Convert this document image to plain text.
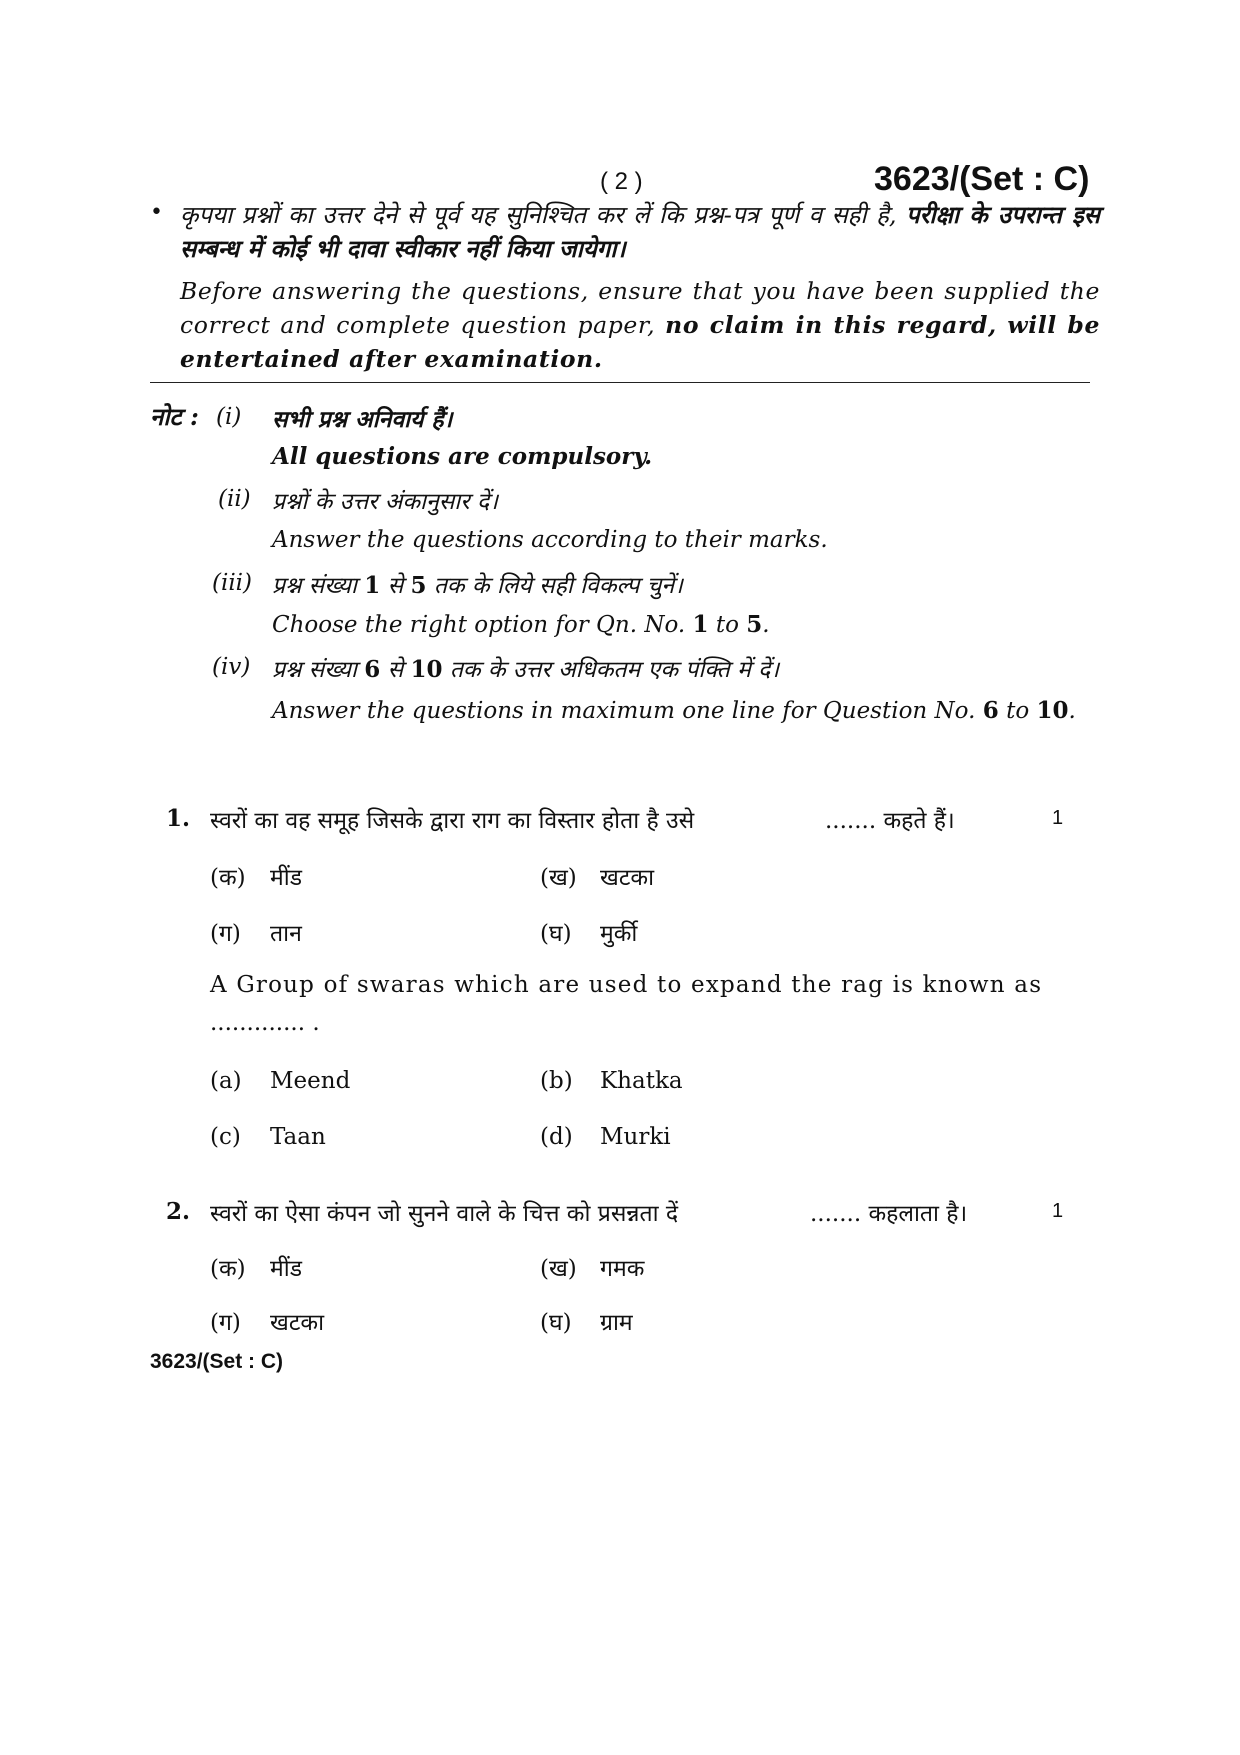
( 2 )	3623/(Set : C)
• कृपया प्रश्नों का उत्तर देने से पूर्व यह सुनिश्चित कर लें कि प्रश्न-पत्र पूर्ण व सही है, परीक्षा के उपरान्त इस सम्बन्ध में कोई भी दावा स्वीकार नहीं किया जायेगा।
Before answering the questions, ensure that you have been supplied the correct and complete question paper, no claim in this regard, will be entertained after examination.
नोट : (i) सभी प्रश्न अनिवार्य हैं।
All questions are compulsory.
(ii) प्रश्नों के उत्तर अंकानुसार दें।
Answer the questions according to their marks.
(iii) प्रश्न संख्या 1 से 5 तक के लिये सही विकल्प चुनें।
Choose the right option for Qn. No. 1 to 5.
(iv) प्रश्न संख्या 6 से 10 तक के उत्तर अधिकतम एक पंक्ति में दें।
Answer the questions in maximum one line for Question No. 6 to 10.
1. स्वरों का वह समूह जिसके द्वारा राग का विस्तार होता है उसे	....... कहते हैं।	1
(क) मींड	(ख) खटका
(ग) तान	(घ) मुर्की
A Group of swaras which are used to expand the rag is known as
............. .
(a) Meend	(b) Khatka
(c) Taan	(d) Murki
2. स्वरों का ऐसा कंपन जो सुनने वाले के चित्त को प्रसन्नता दें	....... कहलाता है।	1
(क) मींड	(ख) गमक
(ग) खटका	(घ) ग्राम
3623/(Set : C)
